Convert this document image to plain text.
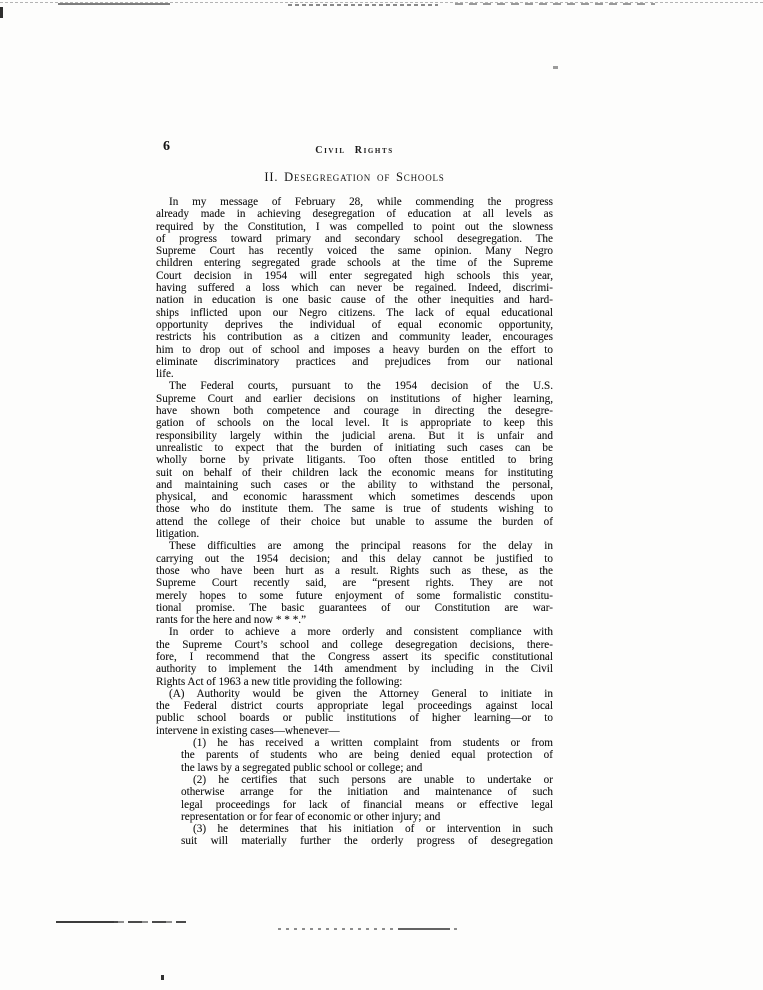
6	Civil Rights
II. Desegregation of Schools
In my message of February 28, while commending the progress
already made in achieving desegregation of education at all levels as
required by the Constitution, I was compelled to point out the slowness
of progress toward primary and secondary school desegregation. The
Supreme Court has recently voiced the same opinion. Many Negro
children entering segregated grade schools at the time of the Supreme
Court decision in 1954 will enter segregated high schools this year,
having suffered a loss which can never be regained. Indeed, discrimi-
nation in education is one basic cause of the other inequities and hard-
ships inflicted upon our Negro citizens. The lack of equal educational
opportunity deprives the individual of equal economic opportunity,
restricts his contribution as a citizen and community leader, encourages
him to drop out of school and imposes a heavy burden on the effort to
eliminate discriminatory practices and prejudices from our national
life.
The Federal courts, pursuant to the 1954 decision of the U.S.
Supreme Court and earlier decisions on institutions of higher learning,
have shown both competence and courage in directing the desegre-
gation of schools on the local level. It is appropriate to keep this
responsibility largely within the judicial arena. But it is unfair and
unrealistic to expect that the burden of initiating such cases can be
wholly borne by private litigants. Too often those entitled to bring
suit on behalf of their children lack the economic means for instituting
and maintaining such cases or the ability to withstand the personal,
physical, and economic harassment which sometimes descends upon
those who do institute them. The same is true of students wishing to
attend the college of their choice but unable to assume the burden of
litigation.
These difficulties are among the principal reasons for the delay in
carrying out the 1954 decision; and this delay cannot be justified to
those who have been hurt as a result. Rights such as these, as the
Supreme Court recently said, are “present rights. They are not
merely hopes to some future enjoyment of some formalistic constitu-
tional promise. The basic guarantees of our Constitution are war-
rants for the here and now * * *.”
In order to achieve a more orderly and consistent compliance with
the Supreme Court’s school and college desegregation decisions, there-
fore, I recommend that the Congress assert its specific constitutional
authority to implement the 14th amendment by including in the Civil
Rights Act of 1963 a new title providing the following:
(A) Authority would be given the Attorney General to initiate in
the Federal district courts appropriate legal proceedings against local
public school boards or public institutions of higher learning—or to
intervene in existing cases—whenever—
(1) he has received a written complaint from students or from
the parents of students who are being denied equal protection of
the laws by a segregated public school or college; and
(2) he certifies that such persons are unable to undertake or
otherwise arrange for the initiation and maintenance of such
legal proceedings for lack of financial means or effective legal
representation or for fear of economic or other injury; and
(3) he determines that his initiation of or intervention in such
suit will materially further the orderly progress of desegregation
